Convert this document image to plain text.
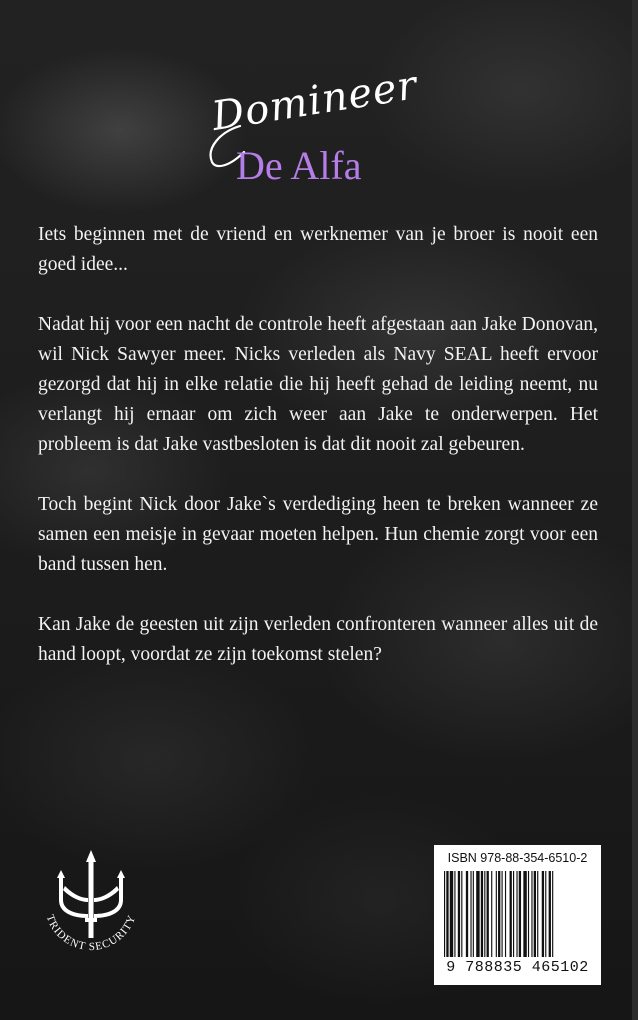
Domineer
De Alfa

Iets beginnen met de vriend en werknemer van je broer is nooit een goed idee...

Nadat hij voor een nacht de controle heeft afgestaan aan Jake Donovan, wil Nick Sawyer meer. Nicks verleden als Navy SEAL heeft ervoor gezorgd dat hij in elke relatie die hij heeft gehad de leiding neemt, nu verlangt hij ernaar om zich weer aan Jake te onderwerpen. Het probleem is dat Jake vastbesloten is dat dit nooit zal gebeuren.

Toch begint Nick door Jake`s verdediging heen te breken wanneer ze samen een meisje in gevaar moeten helpen. Hun chemie zorgt voor een band tussen hen.

Kan Jake de geesten uit zijn verleden confronteren wanneer alles uit de hand loopt, voordat ze zijn toekomst stelen?

TRIDENT SECURITY
ISBN 978-88-354-6510-2
9 788835 465102
